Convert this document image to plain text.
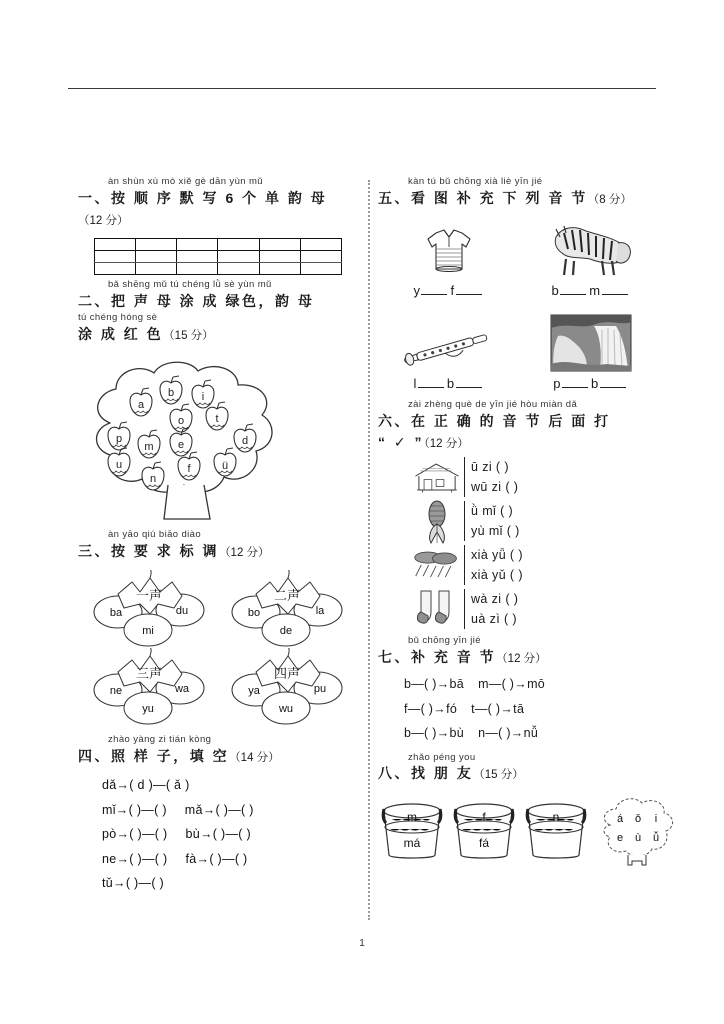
àn shùn xù mò xiě gè dān yùn mǔ
一、按 顺 序 默 写 6 个 单 韵 母
（12 分）

bǎ shēng mǔ tú chéng lǜ sè yùn mǔ
二、把 声 母 涂 成 绿色，韵 母
tú chéng hóng sè
涂 成 红 色（15 分）
b	i
a
o	t
p
m e	d
u	f	ü
n
àn yāo qiú biāo diào
三、按 要 求 标 调（12 分）
一声
ba	du
mi
二声
bo	la
de
三声
ne	wa
yu
四声
ya	pu
wu
zhào yàng zi tián kòng
四、照 样 子，填 空（14 分）
dǎ→( d )—( ǎ )
mǐ→( )—( ) mǎ→( )—( )
pò→( )—( ) bù→( )—( )
ne→( )—( ) fà→( )—( )
tǔ→( )—( )
kàn tú bǔ chōng xià liè yīn jié
五、看 图 补 充 下 列 音 节（8 分）
y f	b m
l b	p b
zài zhèng què de yīn jié hòu miàn dǎ
六、在 正 确 的 音 节 后 面 打
“ ✓ ”（12 分）
ū zi ( )
wū zi ( )
ǜ mǐ ( )
yù mǐ ( )
xià yǖ ( )
xià yǔ ( )
wà zi ( )
uà zì ( )
bǔ chōng yīn jié
七、补 充 音 节（12 分）
b—( )→bā m—( )→mō
f—( )→fó t—( )→tā
b—( )→bù n—( )→nǚ
zhǎo péng you
八、找 朋 友（15 分）
m
má
f
fá
n	á ǒ i
e ù ǚ
1
